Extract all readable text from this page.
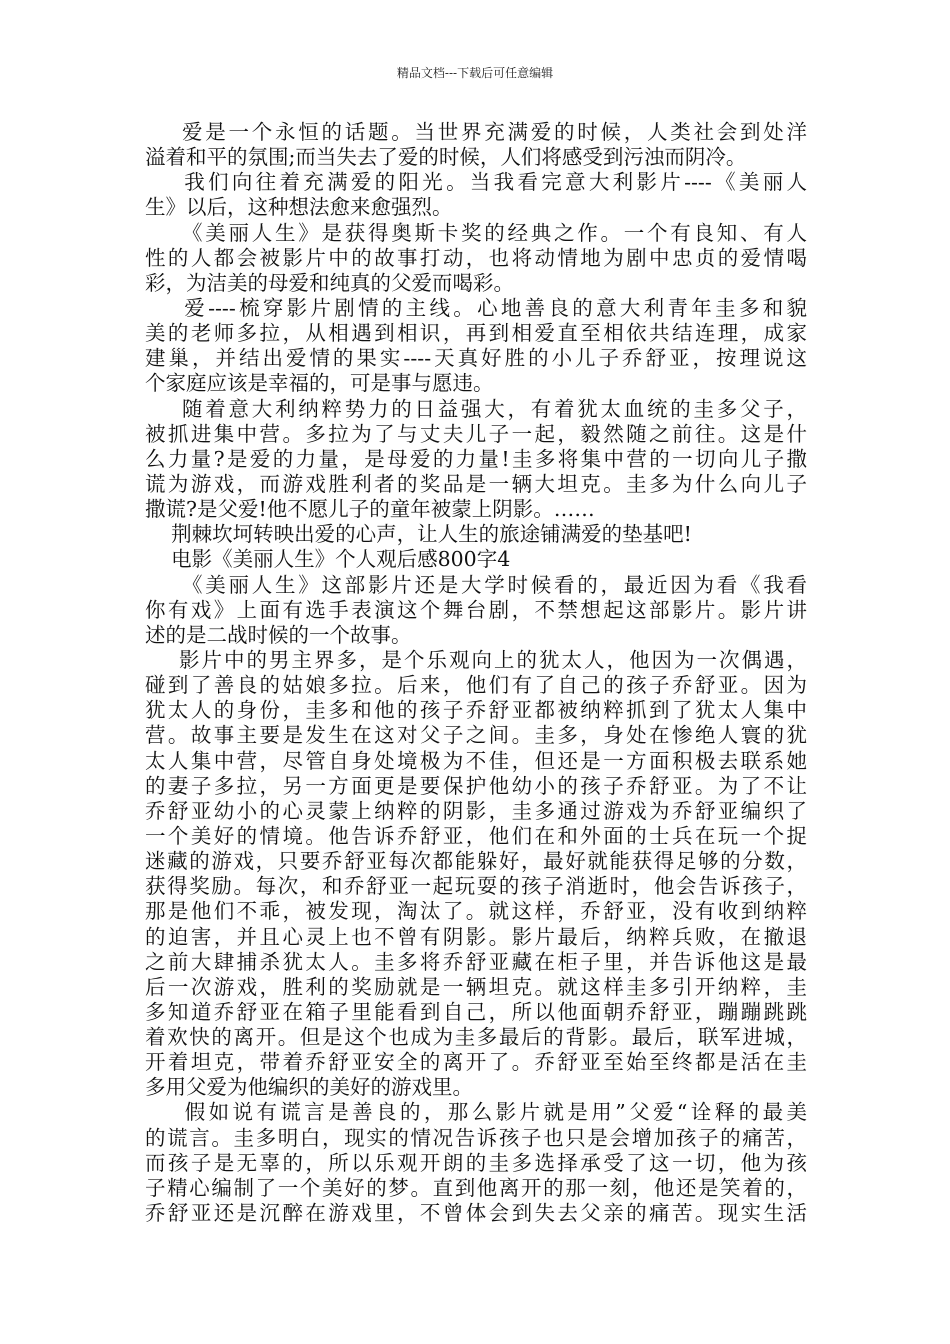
精品文档---下载后可任意编辑
爱是一个永恒的话题。当世界充满爱的时候，人类社会到处洋
溢着和平的氛围;而当失去了爱的时候，人们将感受到污浊而阴冷。
我们向往着充满爱的阳光。当我看完意大利影片----《美丽人
生》以后，这种想法愈来愈强烈。
《美丽人生》是获得奥斯卡奖的经典之作。一个有良知、有人
性的人都会被影片中的故事打动，也将动情地为剧中忠贞的爱情喝
彩，为洁美的母爱和纯真的父爱而喝彩。
爱----梳穿影片剧情的主线。心地善良的意大利青年圭多和貌
美的老师多拉，从相遇到相识，再到相爱直至相依共结连理，成家
建巢，并结出爱情的果实----天真好胜的小儿子乔舒亚，按理说这
个家庭应该是幸福的，可是事与愿违。
随着意大利纳粹势力的日益强大，有着犹太血统的圭多父子，
被抓进集中营。多拉为了与丈夫儿子一起，毅然随之前往。这是什
么力量?是爱的力量，是母爱的力量!圭多将集中营的一切向儿子撒
谎为游戏，而游戏胜利者的奖品是一辆大坦克。圭多为什么向儿子
撒谎?是父爱!他不愿儿子的童年被蒙上阴影。……
荆棘坎坷转映出爱的心声，让人生的旅途铺满爱的垫基吧!
电影《美丽人生》个人观后感800字4
《美丽人生》这部影片还是大学时候看的，最近因为看《我看
你有戏》上面有选手表演这个舞台剧，不禁想起这部影片。影片讲
述的是二战时候的一个故事。
影片中的男主界多，是个乐观向上的犹太人，他因为一次偶遇，
碰到了善良的姑娘多拉。后来，他们有了自己的孩子乔舒亚。因为
犹太人的身份，圭多和他的孩子乔舒亚都被纳粹抓到了犹太人集中
营。故事主要是发生在这对父子之间。圭多，身处在惨绝人寰的犹
太人集中营，尽管自身处境极为不佳，但还是一方面积极去联系她
的妻子多拉，另一方面更是要保护他幼小的孩子乔舒亚。为了不让
乔舒亚幼小的心灵蒙上纳粹的阴影，圭多通过游戏为乔舒亚编织了
一个美好的情境。他告诉乔舒亚，他们在和外面的士兵在玩一个捉
迷藏的游戏，只要乔舒亚每次都能躲好，最好就能获得足够的分数，
获得奖励。每次，和乔舒亚一起玩耍的孩子消逝时，他会告诉孩子，
那是他们不乖，被发现，淘汰了。就这样，乔舒亚，没有收到纳粹
的迫害，并且心灵上也不曾有阴影。影片最后，纳粹兵败，在撤退
之前大肆捕杀犹太人。圭多将乔舒亚藏在柜子里，并告诉他这是最
后一次游戏，胜利的奖励就是一辆坦克。就这样圭多引开纳粹，圭
多知道乔舒亚在箱子里能看到自己，所以他面朝乔舒亚，蹦蹦跳跳
着欢快的离开。但是这个也成为圭多最后的背影。最后，联军进城，
开着坦克，带着乔舒亚安全的离开了。乔舒亚至始至终都是活在圭
多用父爱为他编织的美好的游戏里。
假如说有谎言是善良的，那么影片就是用”父爱“诠释的最美
的谎言。圭多明白，现实的情况告诉孩子也只是会增加孩子的痛苦，
而孩子是无辜的，所以乐观开朗的圭多选择承受了这一切，他为孩
子精心编制了一个美好的梦。直到他离开的那一刻，他还是笑着的，
乔舒亚还是沉醉在游戏里，不曾体会到失去父亲的痛苦。现实生活
